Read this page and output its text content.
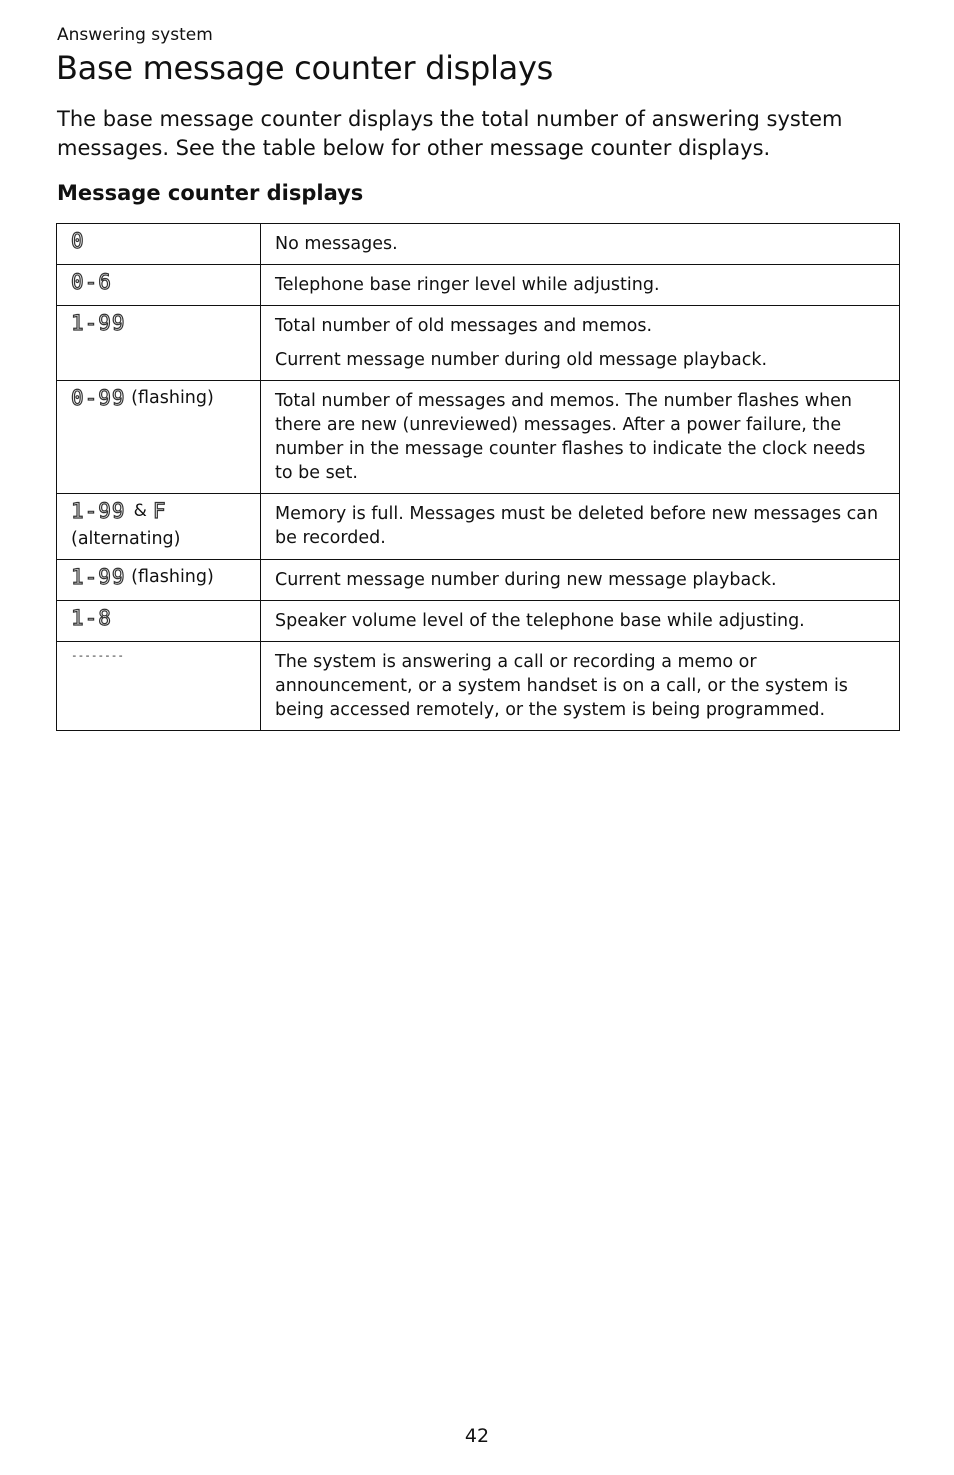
Answering system
Base message counter displays

The base message counter displays the total number of answering system messages. See the table below for other message counter displays.

Message counter displays
0	No messages.

0-6	Telephone base ringer level while adjusting.

1-99	Total number of old messages and memos.
Current message number during old message playback.

0-99 (flashing)	Total number of messages and memos. The number flashes when there are new (unreviewed) messages. After a power failure, the number in the message counter flashes to indicate the clock needs to be set.

1-99 & F
(alternating)	Memory is full. Messages must be deleted before new messages can be recorded.

1-99 (flashing)	Current message number during new message playback.

1-8	Speaker volume level of the telephone base while adjusting.

--------	The system is answering a call or recording a memo or announcement, or a system handset is on a call, or the system is being accessed remotely, or the system is being programmed.
42
